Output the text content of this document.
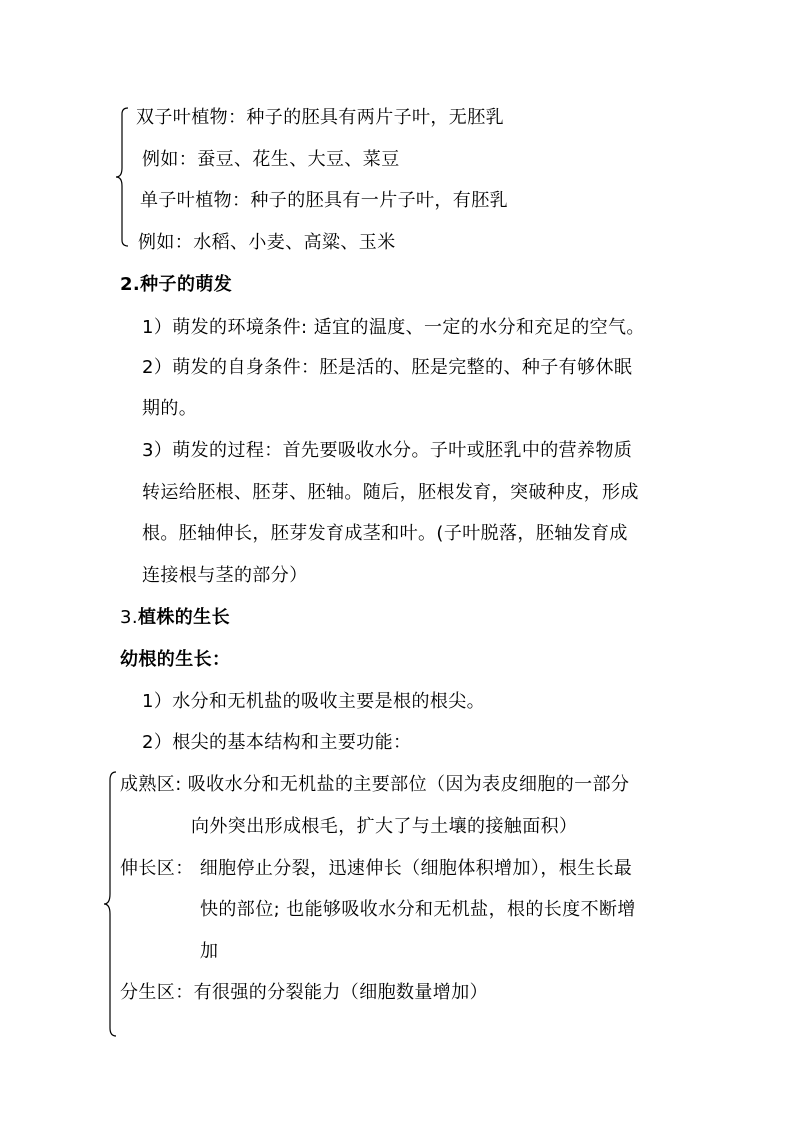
双子叶植物：种子的胚具有两片子叶，无胚乳
例如：蚕豆、花生、大豆、菜豆
单子叶植物：种子的胚具有一片子叶，有胚乳
例如：水稻、小麦、高粱、玉米
2.种子的萌发
1）萌发的环境条件: 适宜的温度、一定的水分和充足的空气。
2）萌发的自身条件：胚是活的、胚是完整的、种子有够休眠
期的。
3）萌发的过程：首先要吸收水分。子叶或胚乳中的营养物质
转运给胚根、胚芽、胚轴。随后，胚根发育，突破种皮，形成
根。胚轴伸长，胚芽发育成茎和叶。(子叶脱落，胚轴发育成
连接根与茎的部分）
3.植株的生长
幼根的生长：
1）水分和无机盐的吸收主要是根的根尖。
2）根尖的基本结构和主要功能：
成熟区: 吸收水分和无机盐的主要部位（因为表皮细胞的一部分
向外突出形成根毛，扩大了与土壤的接触面积）
伸长区： 细胞停止分裂，迅速伸长（细胞体积增加），根生长最
快的部位; 也能够吸收水分和无机盐，根的长度不断增
加
分生区：有很强的分裂能力（细胞数量增加）
